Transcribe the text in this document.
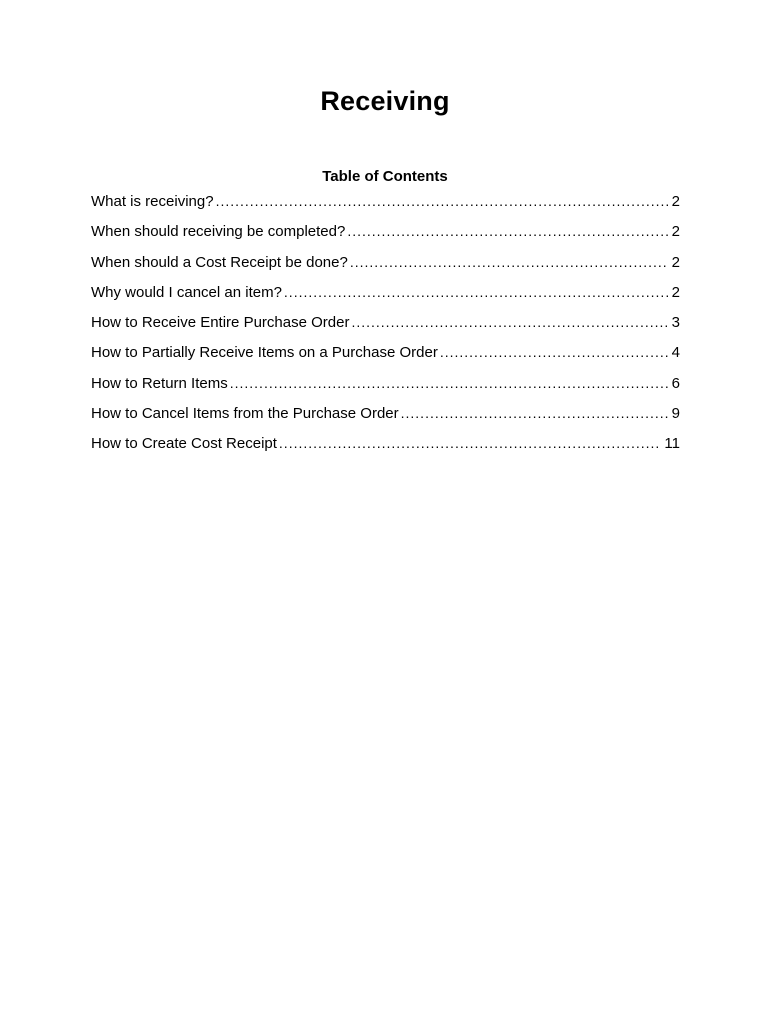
Receiving
Table of Contents
What is receiving? .....	2
When should receiving be completed? .....	2
When should a Cost Receipt be done? .....	2
Why would I cancel an item? .....	2
How to Receive Entire Purchase Order .....	3
How to Partially Receive Items on a Purchase Order .....	4
How to Return Items .....	6
How to Cancel Items from the Purchase Order .....	9
How to Create Cost Receipt .....	11
